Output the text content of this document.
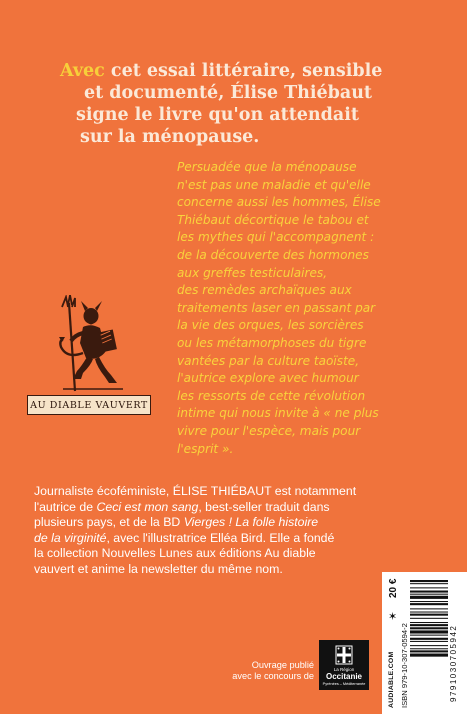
Avec cet essai littéraire, sensible
et documenté, Élise Thiébaut
signe le livre qu'on attendait
sur la ménopause.
Persuadée que la ménopause
n'est pas une maladie et qu'elle
concerne aussi les hommes, Élise
Thiébaut décortique le tabou et
les mythes qui l'accompagnent :
de la découverte des hormones
aux greffes testiculaires,
des remèdes archaïques aux
traitements laser en passant par
la vie des orques, les sorcières
ou les métamorphoses du tigre
vantées par la culture taoïste,
l'autrice explore avec humour
les ressorts de cette révolution
intime qui nous invite à « ne plus
vivre pour l'espèce, mais pour
l'esprit ».
AU DIABLE VAUVERT
Journaliste écoféministe, ÉLISE THIÉBAUT est notamment
l'autrice de Ceci est mon sang, best-seller traduit dans
plusieurs pays, et de la BD Vierges ! La folle histoire
de la virginité, avec l'illustratrice Elléa Bird. Elle a fondé
la collection Nouvelles Lunes aux éditions Au diable
vauvert et anime la newsletter du même nom.
20 €
✶
AUDIABLE.COM ISBN 979-10-307-0594-2	9791030705942
Ouvrage publié
avec le concours de
La Région
Occitanie
Pyrénées – Méditerranée
